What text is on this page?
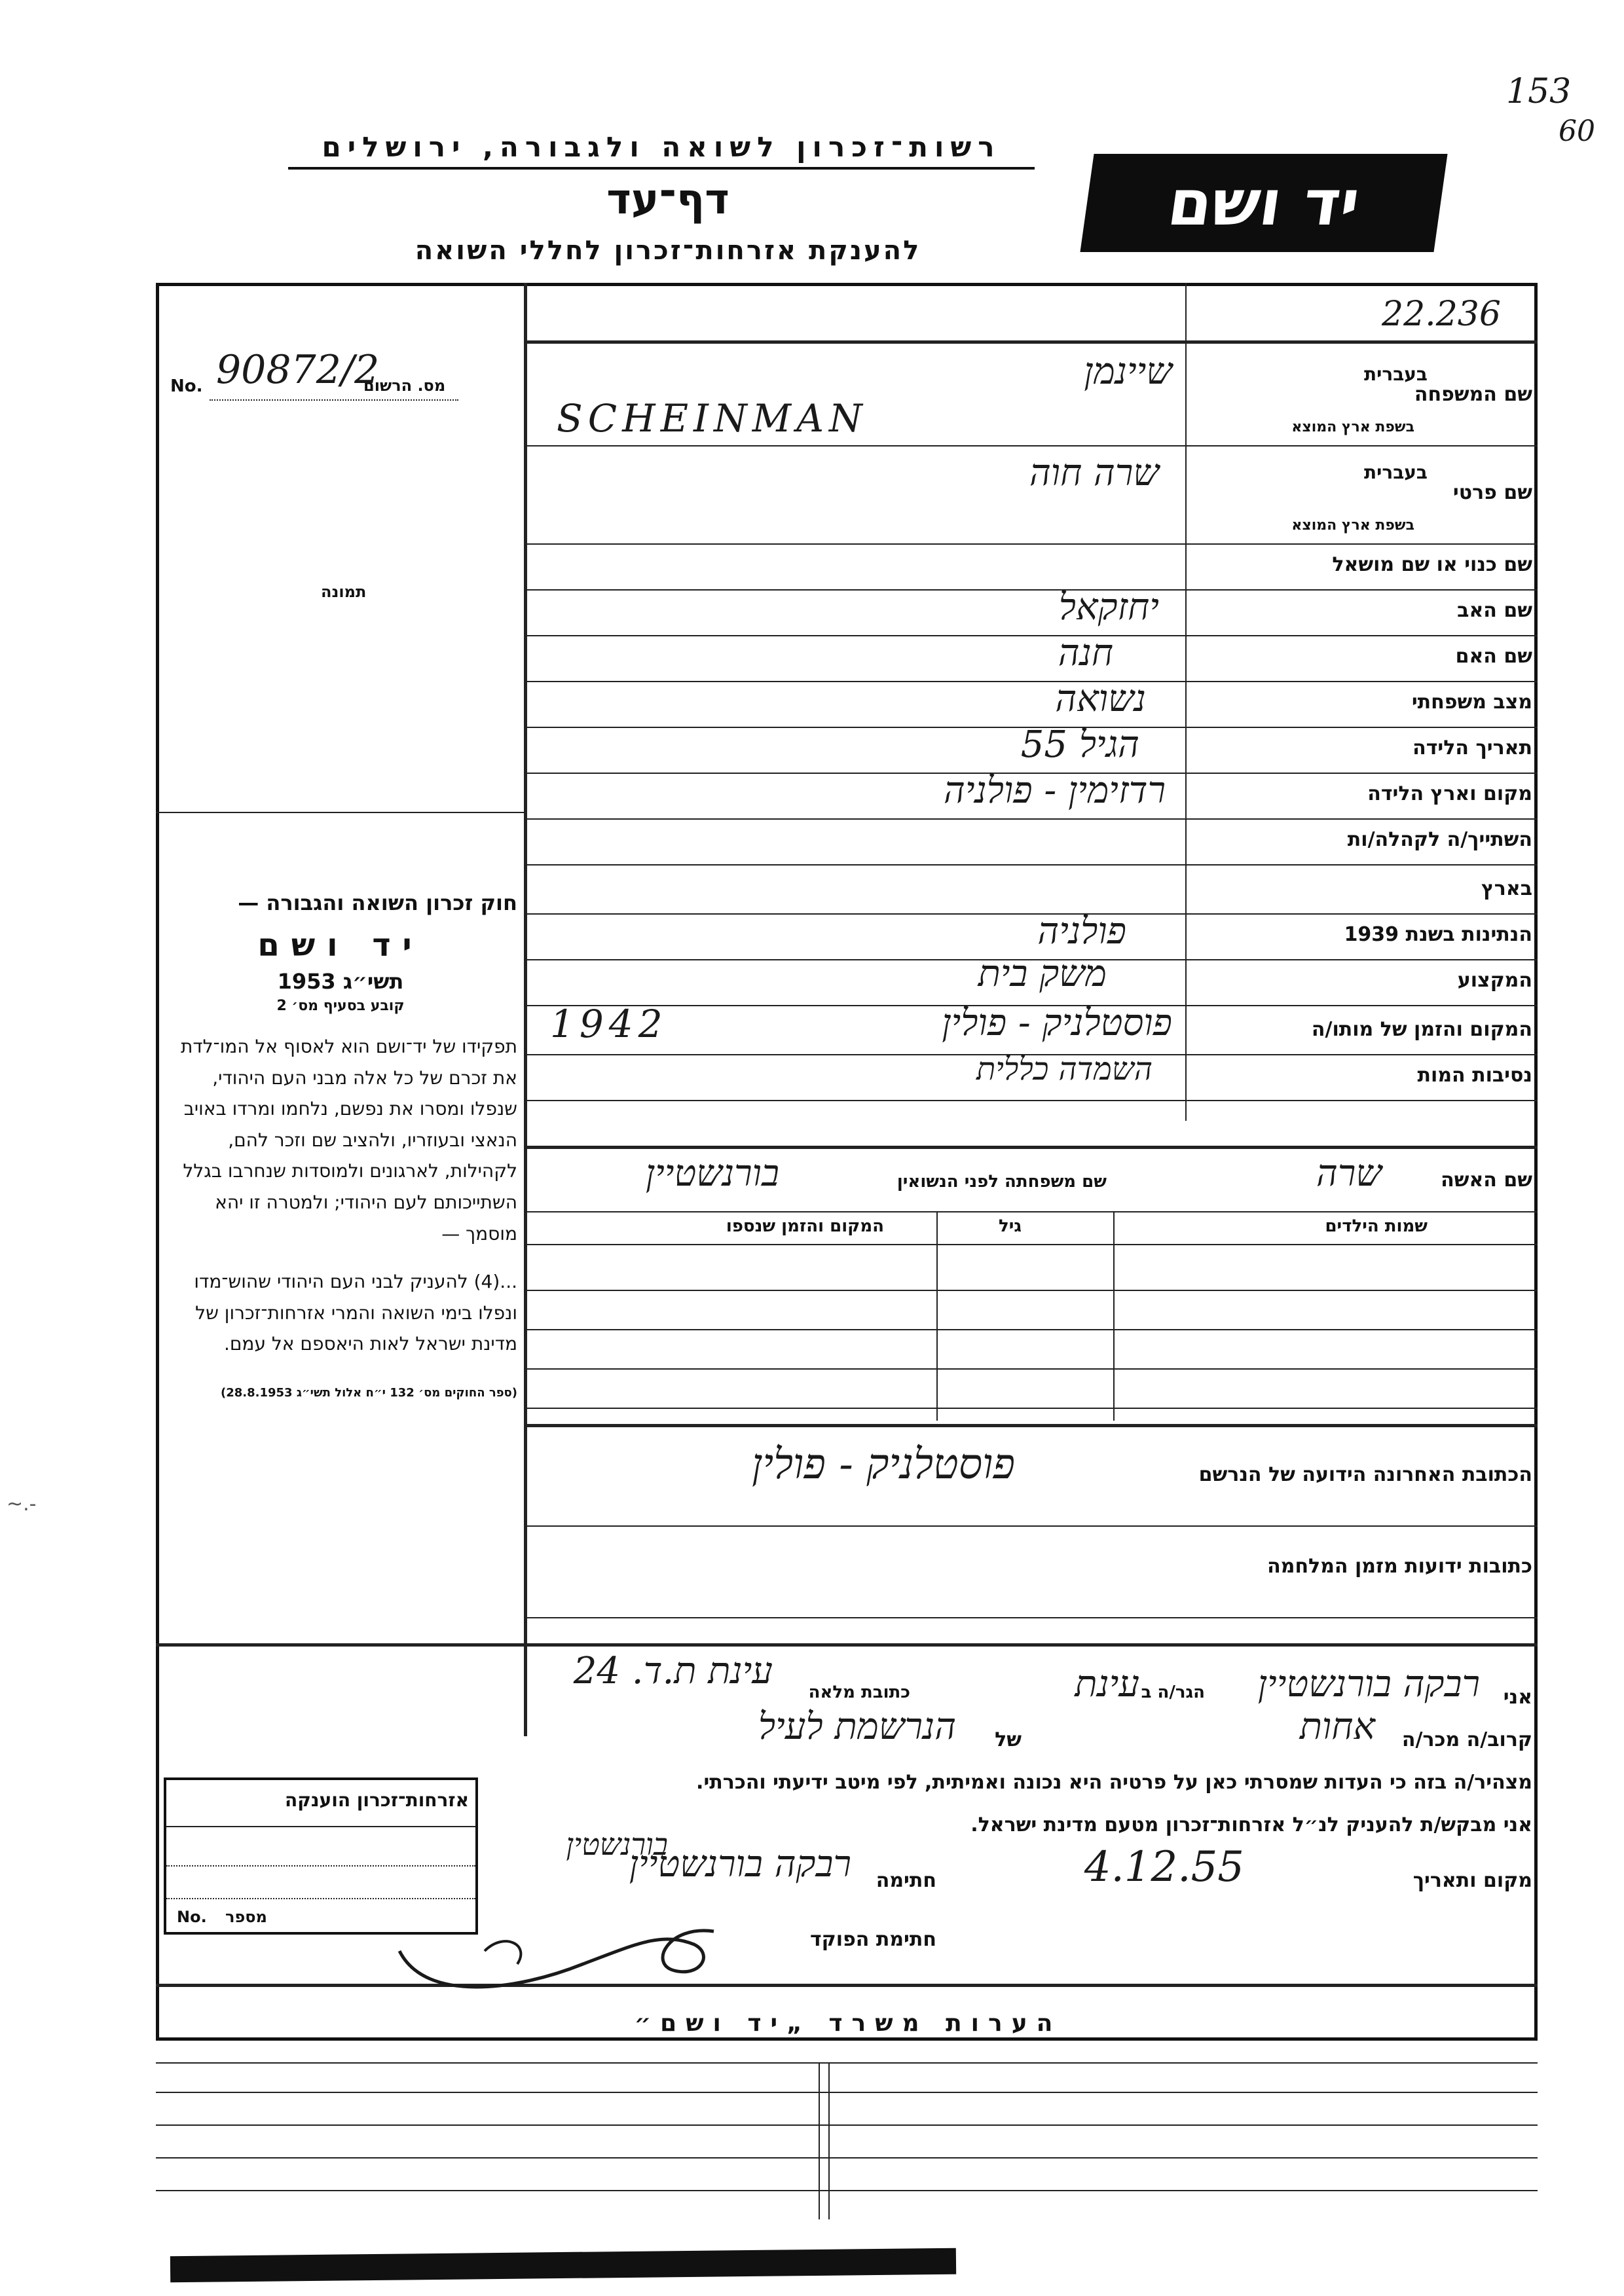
153
60
רשות־זכרון לשואה ולגבורה, ירושלים
דף־עד
להענקת אזרחות־זכרון לחללי השואה
יד ושם
מס. הרשום
No. 90872/2
22.236
תמונה
שם המשפחה
בעברית
בשפת ארץ המוצא
שיינמן
SCHEINMAN
שם פרטי
בעברית
בשפת ארץ המוצא
שרה חוה
שם כנוי או שם מושאל
שם האב
יחזקאל
שם האם
חנה
מצב משפחתי
נשואה
תאריך הלידה
הגיל 55
מקום וארץ הלידה
רדזימין - פולניה
השתייך/ה לקהלה/ות
בארץ
הנתינות בשנת 1939
פולניה
המקצוע
משק בית
המקום והזמן של מותו/ה
פוסטלניק - פולין
1942
נסיבות המות
השמדה כללית
שם האשה
שרה
שם משפחתה לפני הנשואין
בורנשטיין
שמות הילדים
גיל
המקום והזמן שנספו
הכתובת האחרונה הידועה של הנרשם
פוסטלניק - פולין
כתובות ידועות מזמן המלחמה
אני
רבקה בורנשטיין
הגר/ה ב
עינת
כתובת מלאה
עינת ת.ד. 24
קרוב/ה מכר/ה
אחות
של
הנרשמת לעיל
מצהיר/ה בזה כי העדות שמסרתי כאן על פרטיה היא נכונה ואמיתית, לפי מיטב ידיעתי והכרתי.
אני מבקש/ת להעניק לנ״ל אזרחות־זכרון מטעם מדינת ישראל.
מקום ותאריך
4.12.55
חתימה
רבקה בורנשטיין
בורנשטין
חתימת הפוקד
אזרחות־זכרון הוענקה
No. מספר
חוק זכרון השואה והגבורה —
יד ושם
תשי״ג 1953
קובע בסעיף מס׳ 2
תפקידו של יד־ושם הוא לאסוף אל המו־לדת את זכרם של כל אלה מבני העם היהודי, שנפלו ומסרו את נפשם, נלחמו ומרדו באויב הנאצי ובעוזריו, ולהציב שם וזכר להם, לקהילות, לארגונים ולמוסדות שנחרבו בגלל השתייכותם לעם היהודי; ולמטרה זו יהא מוסמך —
...(4) להעניק לבני העם היהודי שהוש־מדו ונפלו בימי השואה והמרי אזרחות־זכרון של מדינת ישראל לאות היאספם אל עמם.
(ספר החוקים מס׳ 132 י״ח אלול תשי״ג 28.8.1953)
הערות משרד „יד ושם״
~.-
